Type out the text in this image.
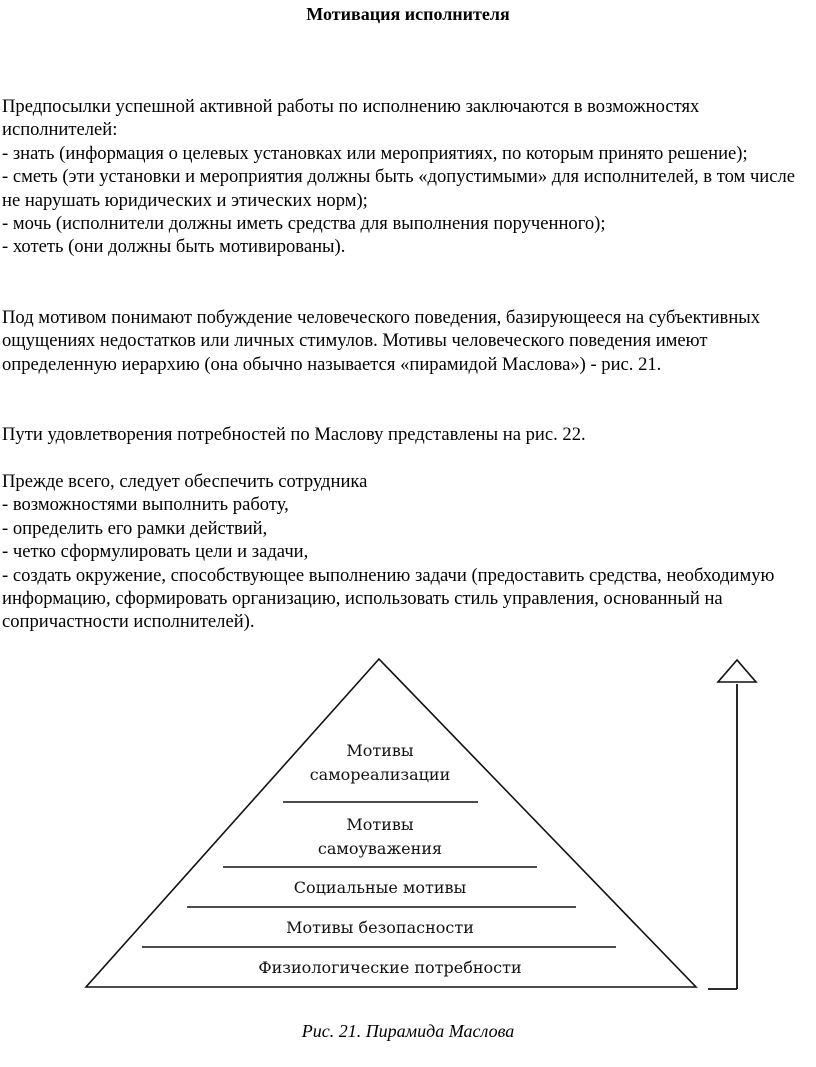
Мотивация исполнителя

Предпосылки успешной активной работы по исполнению заключаются в возможностях исполнителей:

- знать (информация о целевых установках или мероприятиях, по которым принято решение);

- сметь (эти установки и мероприятия должны быть «допустимыми» для исполнителей, в том числе не нарушать юридических и этических норм);

- мочь (исполнители должны иметь средства для выполнения порученного);

- хотеть (они должны быть мотивированы).

Под мотивом понимают побуждение человеческого поведения, базирующееся на субъективных ощущениях недостатков или личных стимулов. Мотивы человеческого поведения имеют определенную иерархию (она обычно называется «пирамидой Маслова») - рис. 21.

Пути удовлетворения потребностей по Маслову представлены на рис. 22.

Прежде всего, следует обеспечить сотрудника

- возможностями выполнить работу,

- определить его рамки действий,

- четко сформулировать цели и задачи,

- создать окружение, способствующее выполнению задачи (предоставить средства, необходимую информацию, сформировать организацию, использовать стиль управления, основанный на сопричастности исполнителей).

Мотивы
самореализации
Мотивы
самоуважения
Социальные мотивы
Мотивы безопасности
Физиологические потребности
Рис. 21. Пирамида Маслова
